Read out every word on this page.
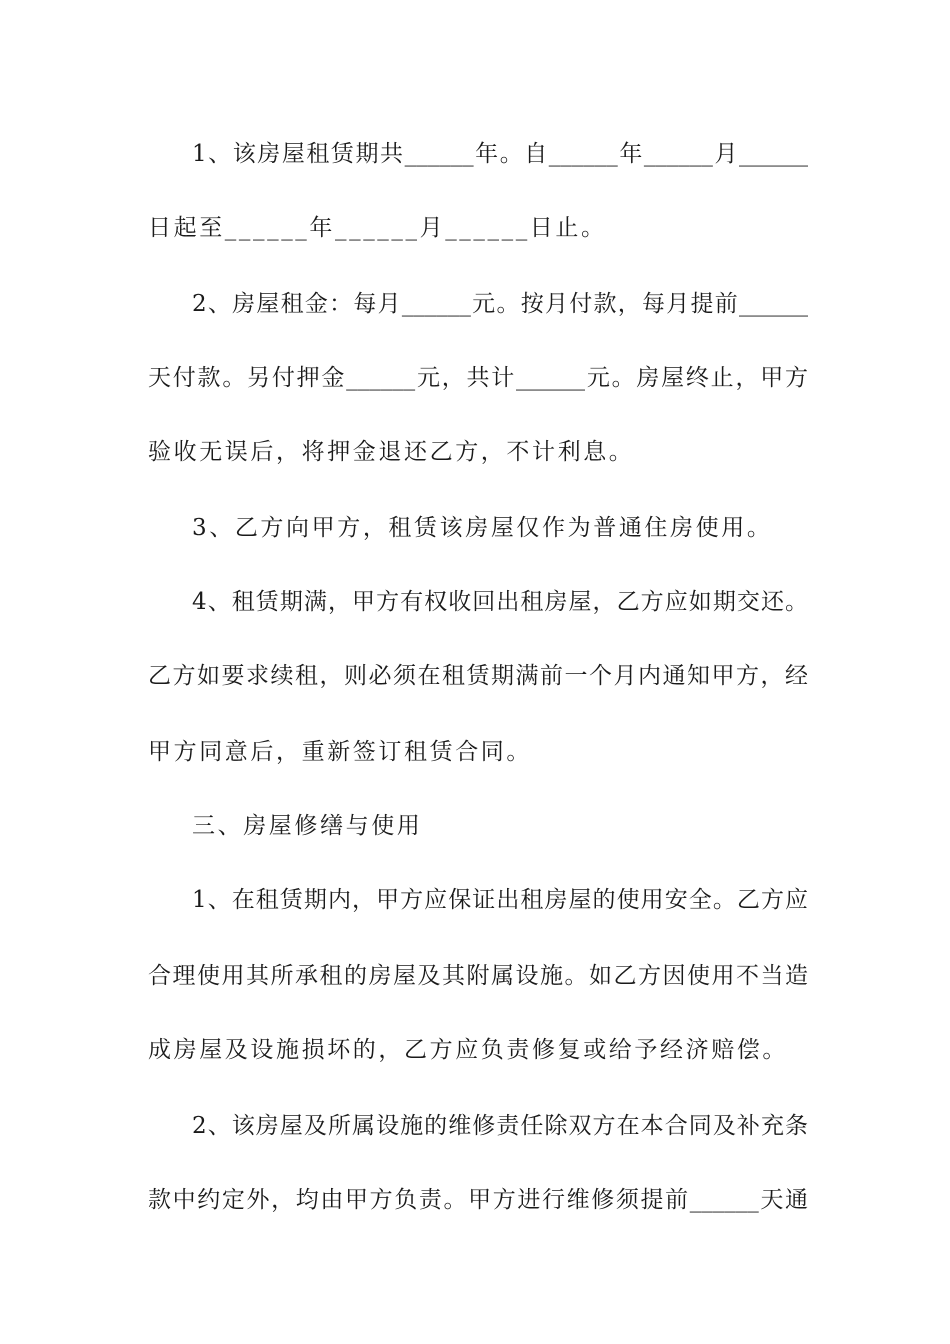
1、该房屋租赁期共______年。自______年______月______
日起至______年______月______日止。
2、房屋租金：每月______元。按月付款，每月提前______
天付款。另付押金______元，共计______元。房屋终止，甲方
验收无误后，将押金退还乙方，不计利息。
3、乙方向甲方，租赁该房屋仅作为普通住房使用。
4、租赁期满，甲方有权收回出租房屋，乙方应如期交还。
乙方如要求续租，则必须在租赁期满前一个月内通知甲方，经
甲方同意后，重新签订租赁合同。
三、房屋修缮与使用
1、在租赁期内，甲方应保证出租房屋的使用安全。乙方应
合理使用其所承租的房屋及其附属设施。如乙方因使用不当造
成房屋及设施损坏的，乙方应负责修复或给予经济赔偿。
2、该房屋及所属设施的维修责任除双方在本合同及补充条
款中约定外，均由甲方负责。甲方进行维修须提前______天通
